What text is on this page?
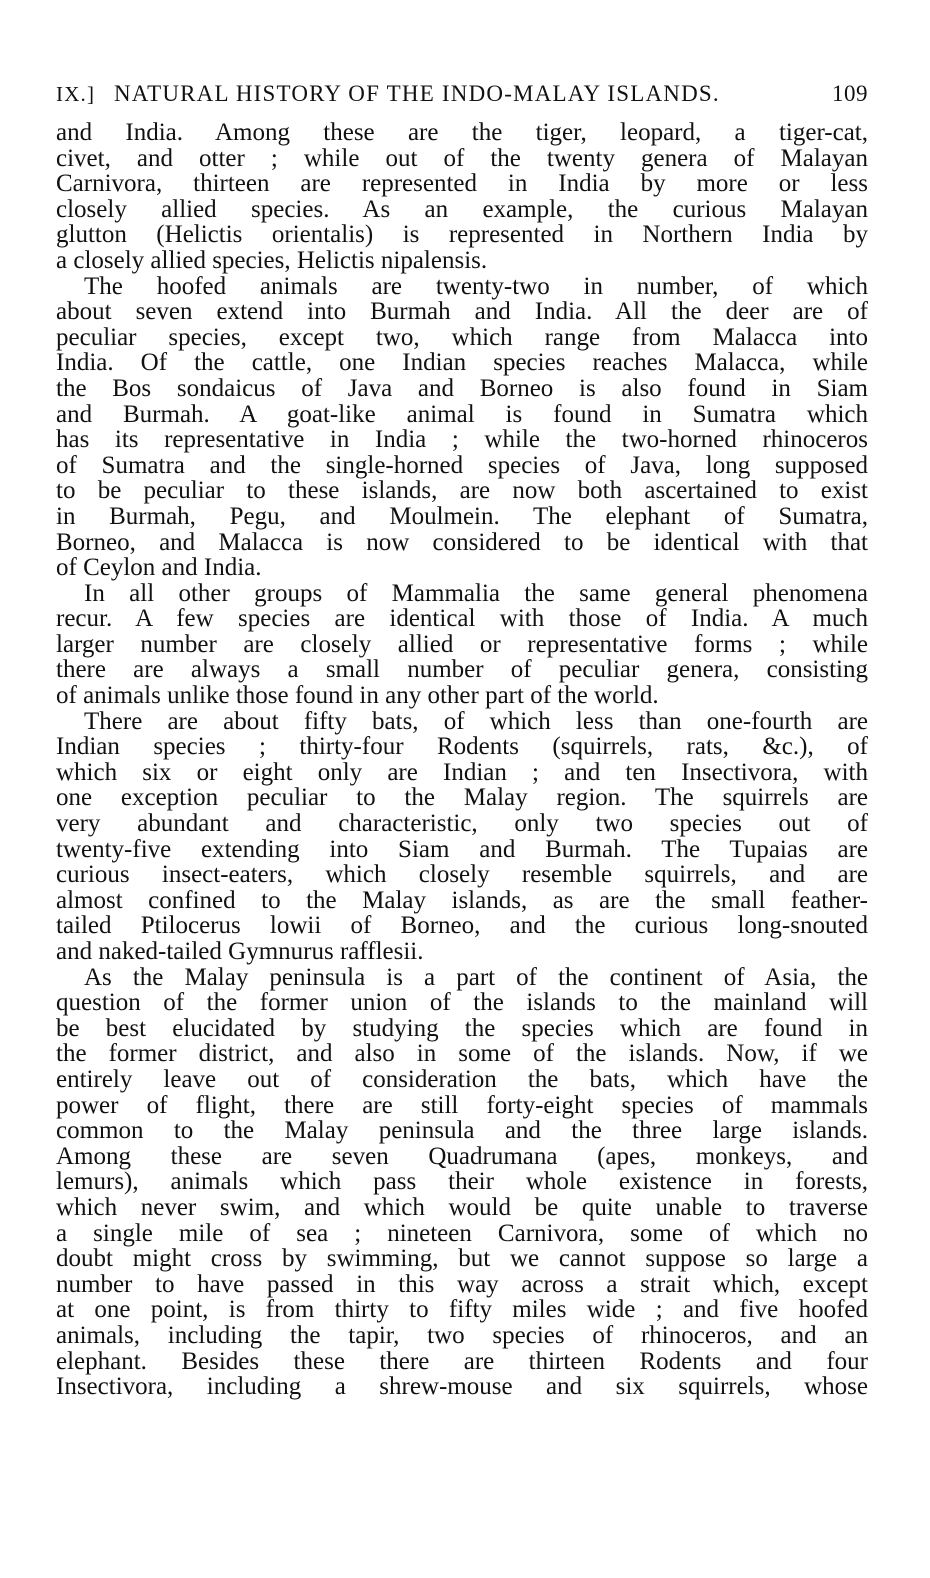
IX.] NATURAL HISTORY OF THE INDO-MALAY ISLANDS.	109
and India. Among these are the tiger, leopard, a tiger-cat,
civet, and otter ; while out of the twenty genera of Malayan
Carnivora, thirteen are represented in India by more or less
closely allied species. As an example, the curious Malayan
glutton (Helictis orientalis) is represented in Northern India by
a closely allied species, Helictis nipalensis.
The hoofed animals are twenty-two in number, of which
about seven extend into Burmah and India. All the deer are of
peculiar species, except two, which range from Malacca into
India. Of the cattle, one Indian species reaches Malacca, while
the Bos sondaicus of Java and Borneo is also found in Siam
and Burmah. A goat-like animal is found in Sumatra which
has its representative in India ; while the two-horned rhinoceros
of Sumatra and the single-horned species of Java, long supposed
to be peculiar to these islands, are now both ascertained to exist
in Burmah, Pegu, and Moulmein. The elephant of Sumatra,
Borneo, and Malacca is now considered to be identical with that
of Ceylon and India.
In all other groups of Mammalia the same general phenomena
recur. A few species are identical with those of India. A much
larger number are closely allied or representative forms ; while
there are always a small number of peculiar genera, consisting
of animals unlike those found in any other part of the world.
There are about fifty bats, of which less than one-fourth are
Indian species ; thirty-four Rodents (squirrels, rats, &c.), of
which six or eight only are Indian ; and ten Insectivora, with
one exception peculiar to the Malay region. The squirrels are
very abundant and characteristic, only two species out of
twenty-five extending into Siam and Burmah. The Tupaias are
curious insect-eaters, which closely resemble squirrels, and are
almost confined to the Malay islands, as are the small feather-
tailed Ptilocerus lowii of Borneo, and the curious long-snouted
and naked-tailed Gymnurus rafflesii.
As the Malay peninsula is a part of the continent of Asia, the
question of the former union of the islands to the mainland will
be best elucidated by studying the species which are found in
the former district, and also in some of the islands. Now, if we
entirely leave out of consideration the bats, which have the
power of flight, there are still forty-eight species of mammals
common to the Malay peninsula and the three large islands.
Among these are seven Quadrumana (apes, monkeys, and
lemurs), animals which pass their whole existence in forests,
which never swim, and which would be quite unable to traverse
a single mile of sea ; nineteen Carnivora, some of which no
doubt might cross by swimming, but we cannot suppose so large a
number to have passed in this way across a strait which, except
at one point, is from thirty to fifty miles wide ; and five hoofed
animals, including the tapir, two species of rhinoceros, and an
elephant. Besides these there are thirteen Rodents and four
Insectivora, including a shrew-mouse and six squirrels, whose
